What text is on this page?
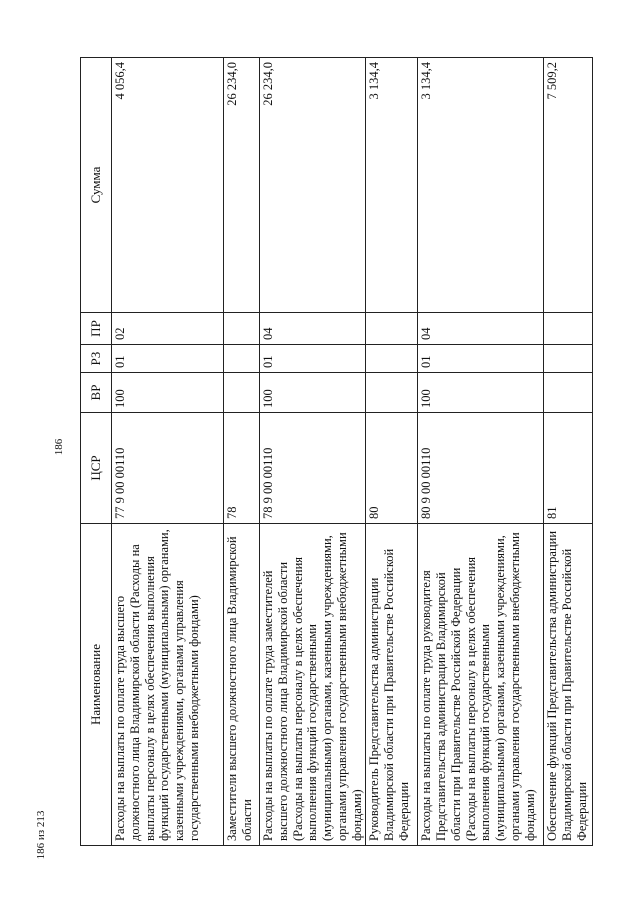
186
Наименование	ЦСР	ВР	РЗ	ПР	Сумма
Расходы на выплаты по оплате труда высшего должностного лица Владимирской области (Расходы на выплаты персоналу в целях обеспечения выполнения функций государственными (муниципальными) органами, казенными учреждениями, органами управления государственными внебюджетными фондами)	77 9 00 00110	100	01	02	4 056,4
Заместители высшего должностного лица Владимирской области	78				26 234,0
Расходы на выплаты по оплате труда заместителей высшего должностного лица Владимирской области (Расходы на выплаты персоналу в целях обеспечения выполнения функций государственными (муниципальными) органами, казенными учреждениями, органами управления государственными внебюджетными фондами)	78 9 00 00110	100	01	04	26 234,0
Руководитель Представительства администрации Владимирской области при Правительстве Российской Федерации	80				3 134,4
Расходы на выплаты по оплате труда руководителя Представительства администрации Владимирской области при Правительстве Российской Федерации (Расходы на выплаты персоналу в целях обеспечения выполнения функций государственными (муниципальными) органами, казенными учреждениями, органами управления государственными внебюджетными фондами)	80 9 00 00110	100	01	04	3 134,4
Обеспечение функций Представительства администрации Владимирской области при Правительстве Российской Федерации	81				7 509,2
186 из 213
